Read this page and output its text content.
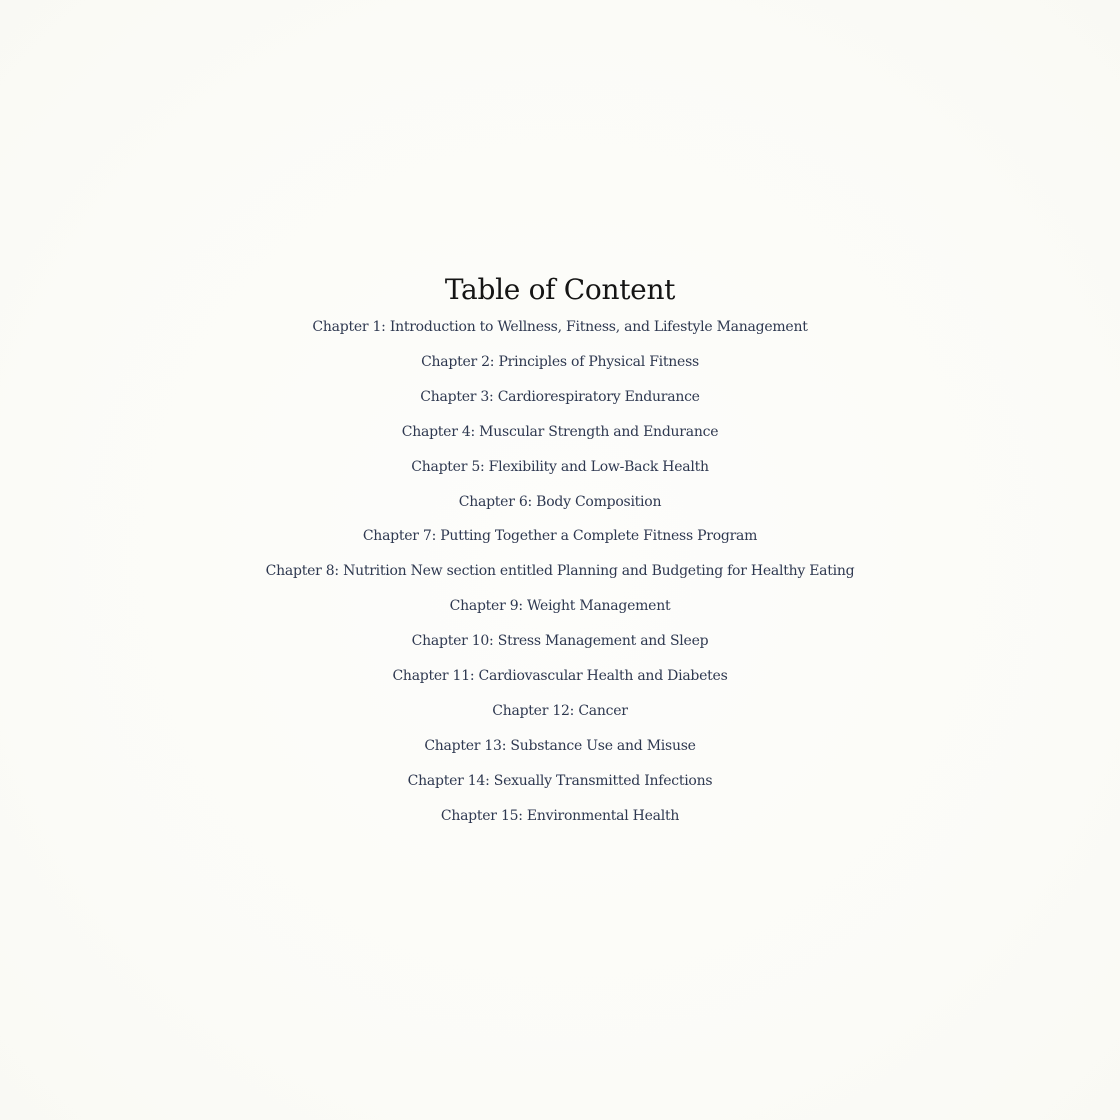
Table of Content
Chapter 1: Introduction to Wellness, Fitness, and Lifestyle Management
Chapter 2: Principles of Physical Fitness
Chapter 3: Cardiorespiratory Endurance
Chapter 4: Muscular Strength and Endurance
Chapter 5: Flexibility and Low-Back Health
Chapter 6: Body Composition
Chapter 7: Putting Together a Complete Fitness Program
Chapter 8: Nutrition New section entitled Planning and Budgeting for Healthy Eating
Chapter 9: Weight Management
Chapter 10: Stress Management and Sleep
Chapter 11: Cardiovascular Health and Diabetes
Chapter 12: Cancer
Chapter 13: Substance Use and Misuse
Chapter 14: Sexually Transmitted Infections
Chapter 15: Environmental Health
